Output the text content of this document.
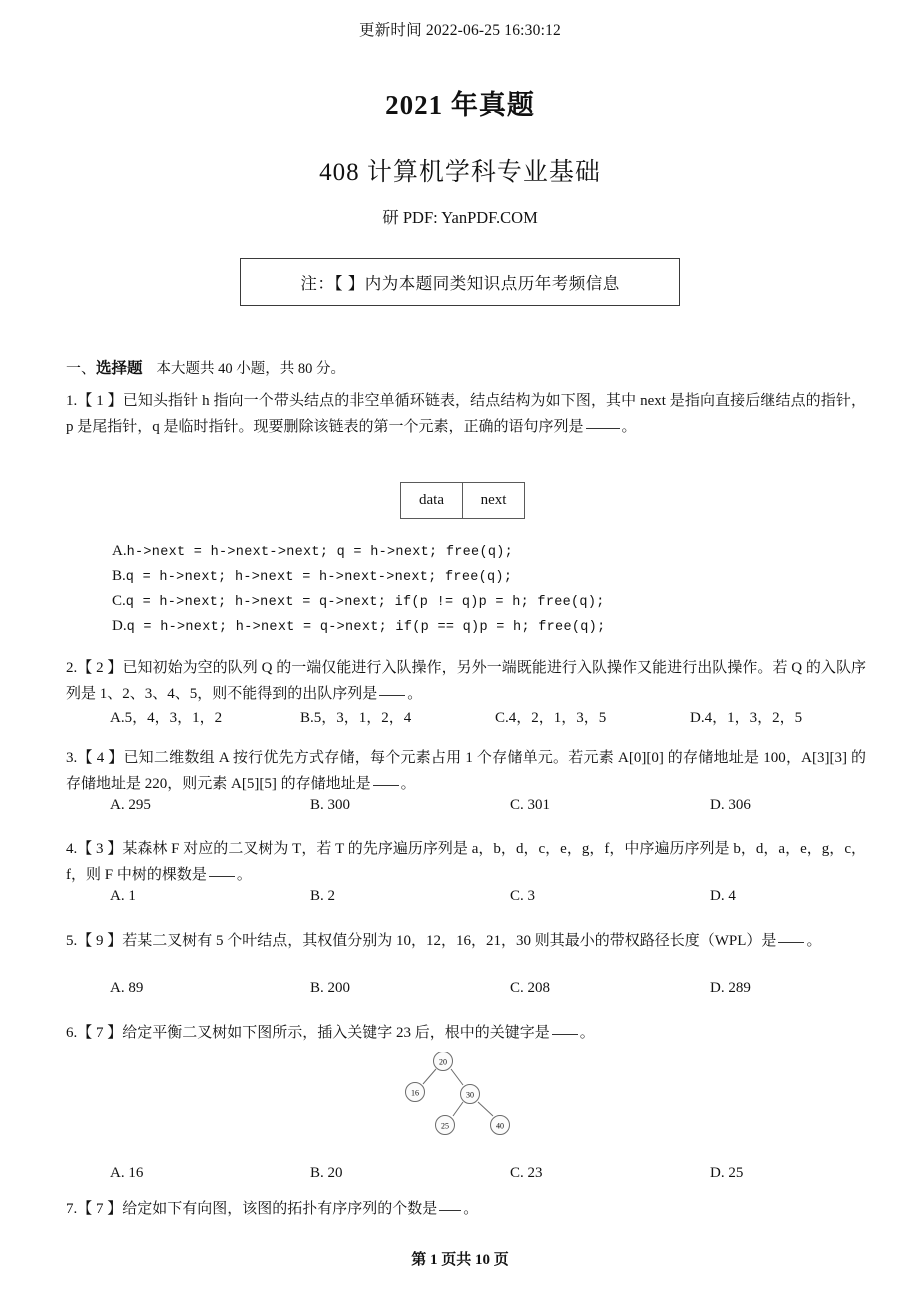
更新时间 2022-06-25 16:30:12
2021 年真题
408 计算机学科专业基础
研 PDF: YanPDF.COM
注：【 】内为本题同类知识点历年考频信息
一、选择题 本大题共 40 小题，共 80 分。
1.【 1 】已知头指针 h 指向一个带头结点的非空单循环链表，结点结构为如下图，其中 next 是指向直接后继结点的指针，p 是尾指针，q 是临时指针。现要删除该链表的第一个元素，正确的语句序列是	。
data	next
A.h->next = h->next->next; q = h->next; free(q);
B.q = h->next; h->next = h->next->next; free(q);
C.q = h->next; h->next = q->next; if(p != q)p = h; free(q);
D.q = h->next; h->next = q->next; if(p == q)p = h; free(q);
2.【 2 】已知初始为空的队列 Q 的一端仅能进行入队操作，另外一端既能进行入队操作又能进行出队操作。若 Q 的入队序列是 1、2、3、4、5，则不能得到的出队序列是 。
A.5，4，3，1，2	B.5，3，1，2，4	C.4，2，1，3，5	D.4，1，3，2，5
3.【 4 】已知二维数组 A 按行优先方式存储，每个元素占用 1 个存储单元。若元素 A[0][0] 的存储地址是 100，A[3][3] 的存储地址是 220，则元素 A[5][5] 的存储地址是 。
A. 295	B. 300	C. 301	D. 306
4.【 3 】某森林 F 对应的二叉树为 T，若 T 的先序遍历序列是 a，b，d，c，e，g，f，中序遍历序列是 b，d，a，e，g，c，f，则 F 中树的棵数是 。
A. 1	B. 2	C. 3	D. 4
5.【 9 】若某二叉树有 5 个叶结点，其权值分别为 10，12，16，21，30 则其最小的带权路径长度（WPL）是 。
A. 89	B. 200	C. 208	D. 289
6.【 7 】给定平衡二叉树如下图所示，插入关键字 23 后，根中的关键字是 。
20
16	30
25	40
A. 16	B. 20	C. 23	D. 25
7.【 7 】给定如下有向图，该图的拓扑有序序列的个数是 。
第 1 页共 10 页
